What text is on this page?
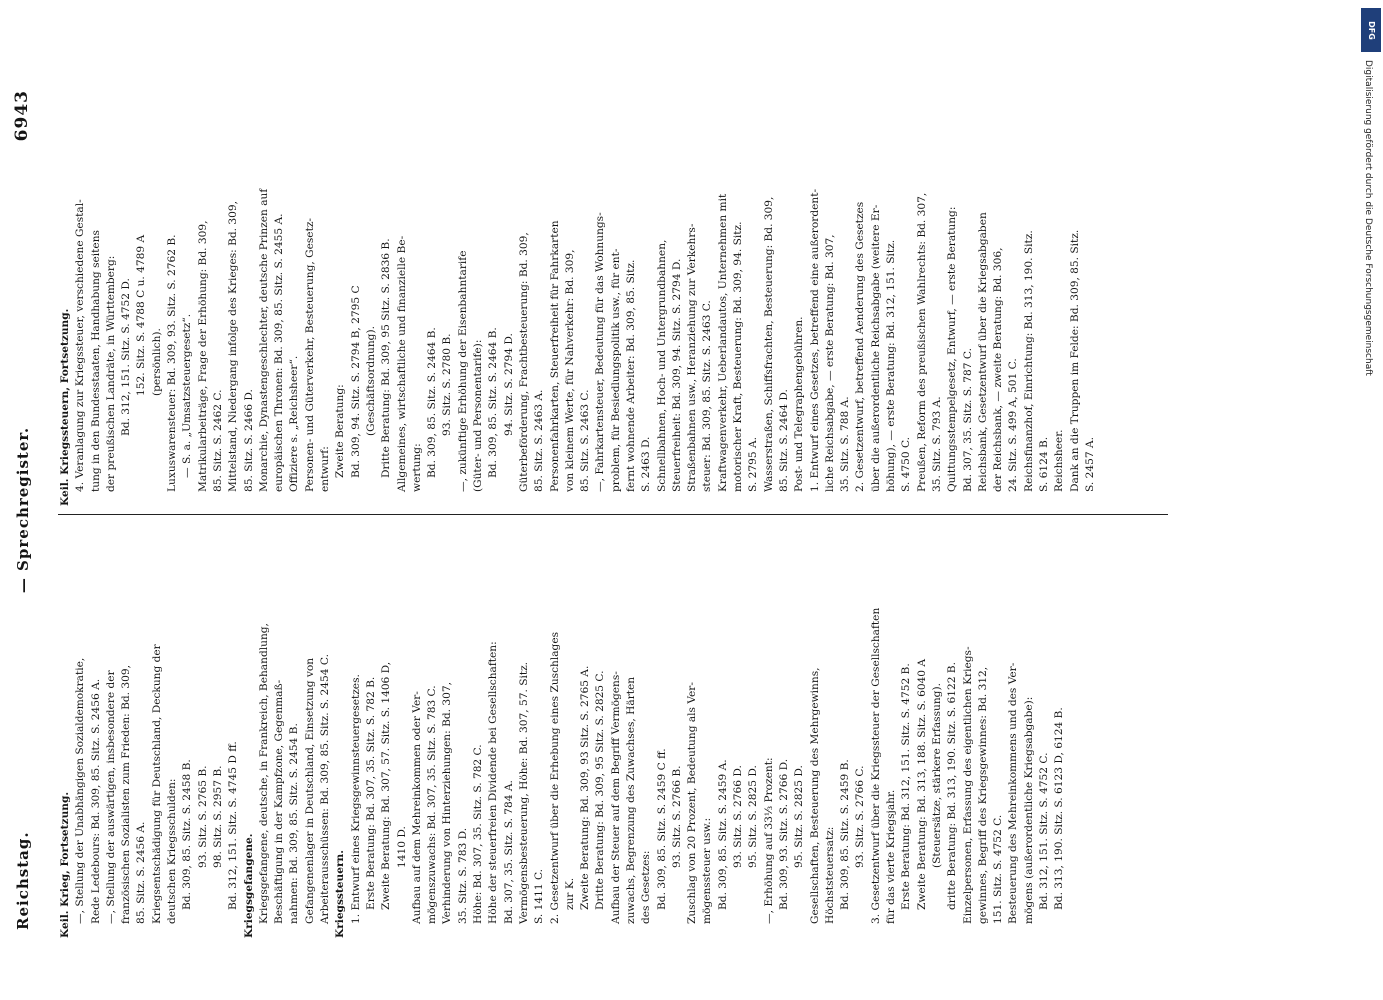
Reichstag.
— Sprechregister.
6943
Keil. Krieg, Fortsetzung. —, Stellung der Unabhängigen Sozialdemokratie, Rede Ledebours: Bd. 309, 85. Sitz. S. 2456 A. —, Stellung der auswärtigen, insbesondere der französischen Sozialisten zum Frieden: Bd. 309, 85. Sitz. S. 2456 A. Kriegsentschädigung für Deutschland, Deckung der deutschen Kriegsschulden: Bd. 309, 85. Sitz. S. 2458 B. 93. Sitz. S. 2765 B. 98. Sitz. S. 2957 B. Bd. 312, 151. Sitz. S. 4745 D ff. Kriegsgefangene. Kriegsgefangene, deutsche, in Frankreich, Behandlung, Beschäftigung in der Kampfzone, Gegenmaß- nahmen: Bd. 309, 85. Sitz. S. 2454 B. Gefangenenlager in Deutschland, Einsetzung von Arbeiterausschüssen: Bd. 309, 85. Sitz. S. 2454 C. Kriegssteuern. 1. Entwurf eines Kriegsgewinnsteuergesetzes. Erste Beratung: Bd. 307, 35. Sitz. S. 782 B. Zweite Beratung: Bd. 307, 57. Sitz. S. 1406 D, 1410 D. Aufbau auf dem Mehreinkommen oder Ver- mögenszuwachs: Bd. 307, 35. Sitz. S. 783 C. Verhinderung von Hinterziehungen: Bd. 307, 35. Sitz. S. 783 D. Höhe: Bd. 307, 35. Sitz. S. 782 C. Höhe der steuerfreien Dividende bei Gesellschaften: Bd. 307, 35. Sitz. S. 784 A. Vermögensbesteuerung, Höhe: Bd. 307, 57. Sitz. S. 1411 C. 2. Gesetzentwurf über die Erhebung eines Zuschlages zur K. Zweite Beratung: Bd. 309, 93 Sitz. S. 2765 A. Dritte Beratung: Bd. 309, 95 Sitz. S. 2825 C. Aufbau der Steuer auf dem Begriff Vermögens- zuwachs, Begrenzung des Zuwachses, Härten des Gesetzes: Bd. 309, 85. Sitz. S. 2459 C ff. 93. Sitz. S. 2766 B. Zuschlag von 20 Prozent, Bedeutung als Ver- mögenssteuer usw.: Bd. 309, 85. Sitz. S. 2459 A. 93. Sitz. S. 2766 D. 95. Sitz. S. 2825 D. —, Erhöhung auf 33⅓ Prozent: Bd. 309, 93. Sitz. S. 2766 D. 95. Sitz. S. 2825 D. Gesellschaften, Besteuerung des Mehrgewinns, Höchststeuersatz: Bd. 309, 85. Sitz. S. 2459 B. 93. Sitz. S. 2766 C. 3. Gesetzentwurf über die Kriegssteuer der Gesellschaften für das vierte Kriegsjahr. Erste Beratung: Bd. 312, 151. Sitz. S. 4752 B. Zweite Beratung: Bd. 313, 188. Sitz. S. 6040 A (Steuersätze, stärkere Erfassung). dritte Beratung: Bd. 313, 190. Sitz. S. 6122 B. Einzelpersonen, Erfassung des eigentlichen Kriegs- gewinnes, Begriff des Kriegsgewinnes: Bd. 312, 151. Sitz. S. 4752 C. Besteuerung des Mehreinkommens und des Ver- mögens (außerordentliche Kriegsabgabe): Bd. 312, 151. Sitz. S. 4752 C. Bd. 313, 190. Sitz. S. 6123 D, 6124 B.
Keil. Kriegssteuern, Fortsetzung. 4. Veranlagung zur Kriegssteuer, verschiedene Gestal- tung in den Bundesstaaten, Handhabung seitens der preußischen Landräte, in Württemberg: Bd. 312, 151. Sitz. S. 4752 D. 152. Sitz. S. 4788 C u. 4789 A (persönlich). Luxuswarensteuer: Bd. 309, 93. Sitz. S. 2762 B. — S. a. „Umsatzsteuergesetz“. Matrikularbeiträge, Frage der Erhöhung: Bd. 309, 85. Sitz. S. 2462 C. Mittelstand, Niedergang infolge des Krieges: Bd. 309, 85. Sitz. S. 2466 D. Monarchie, Dynastengeschlechter, deutsche Prinzen auf europäischen Thronen: Bd. 309, 85. Sitz. S. 2455 A. Offiziere s. „Reichsheer“. Personen- und Güterverkehr, Besteuerung, Gesetz- entwurf: Zweite Beratung: Bd. 309, 94. Sitz. S. 2794 B, 2795 C (Geschäftsordnung). Dritte Beratung: Bd. 309, 95 Sitz. S. 2836 B. Allgemeines, wirtschaftliche und finanzielle Be- wertung: Bd. 309, 85. Sitz. S. 2464 B. 93. Sitz. S. 2780 B. —, zukünftige Erhöhung der Eisenbahntarife (Güter- und Personentarife): Bd. 309, 85. Sitz. S. 2464 B. 94. Sitz. S. 2794 D. Güterbeförderung, Frachtbesteuerung: Bd. 309, 85. Sitz. S. 2463 A. Personenfahrkarten, Steuerfreiheit für Fahrkarten von kleinem Werte, für Nahverkehr: Bd. 309, 85. Sitz. S. 2463 C. —, Fahrkartensteuer, Bedeutung für das Wohnungs- problem, für Besiedlungspolitik usw., für ent- fernt wohnende Arbeiter: Bd. 309, 85. Sitz. S. 2463 D. Schnellbahnen, Hoch- und Untergrundbahnen, Steuerfreiheit: Bd. 309, 94. Sitz. S. 2794 D. Straßenbahnen usw., Heranziehung zur Verkehrs- steuer: Bd. 309, 85. Sitz. S. 2463 C. Kraftwagenverkehr, Ueberlandautos, Unternehmen mit motorischer Kraft, Besteuerung: Bd. 309, 94. Sitz. S. 2795 A. Wasserstraßen, Schiffsfrachten, Besteuerung: Bd. 309, 85. Sitz. S. 2464 D. Post- und Telegraphengebühren. 1. Entwurf eines Gesetzes, betreffend eine außerordent- liche Reichsabgabe, — erste Beratung: Bd. 307, 35. Sitz. S. 788 A. 2. Gesetzentwurf, betreffend Aenderung des Gesetzes über die außerordentliche Reichsabgabe (weitere Er- höhung), — erste Beratung: Bd. 312, 151. Sitz. S. 4750 C. Preußen, Reform des preußischen Wahlrechts: Bd. 307, 35. Sitz. S. 793 A. Quittungsstempelgesetz, Entwurf, — erste Beratung: Bd. 307, 35. Sitz. S. 787 C. Reichsbank, Gesetzentwurf über die Kriegsabgaben der Reichsbank, — zweite Beratung: Bd. 306, 24. Sitz. S. 499 A, 501 C. Reichsfinanzhof, Einrichtung: Bd. 313, 190. Sitz. S. 6124 B. Reichsheer. Dank an die Truppen im Felde: Bd. 309, 85. Sitz. S. 2457 A.
DFG
Digitalisierung gefördert durch die Deutsche Forschungsgemeinschaft
